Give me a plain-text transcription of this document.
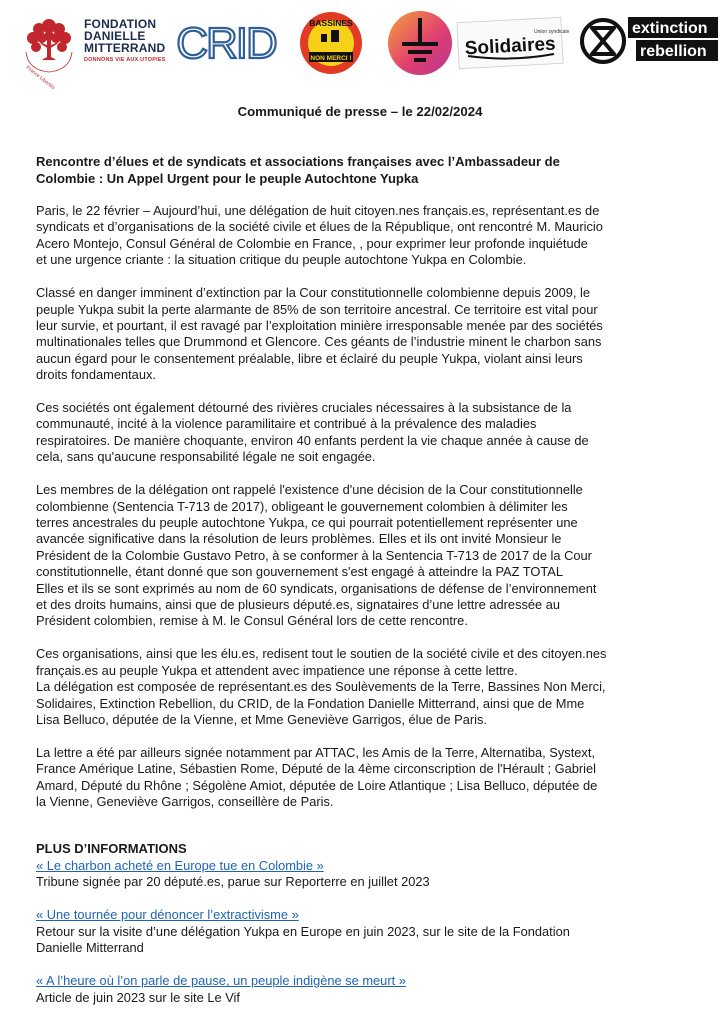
France Libertés
FONDATION
DANIELLE
MITTERRAND
DONNONS VIE AUX UTOPIES CRID	BASSINES
NON MERCI !
Union syndicale
Solidaires
extinction
rebellion
Communiqué de presse – le 22/02/2024
Rencontre d’élues et de syndicats et associations françaises avec l’Ambassadeur de
Colombie : Un Appel Urgent pour le peuple Autochtone Yupka

Paris, le 22 février – Aujourd’hui, une délégation de huit citoyen.nes français.es, représentant.es de
syndicats et d’organisations de la société civile et élues de la République, ont rencontré M. Mauricio
Acero Montejo, Consul Général de Colombie en France, , pour exprimer leur profonde inquiétude
et une urgence criante : la situation critique du peuple autochtone Yukpa en Colombie.

Classé en danger imminent d’extinction par la Cour constitutionnelle colombienne depuis 2009, le
peuple Yukpa subit la perte alarmante de 85% de son territoire ancestral. Ce territoire est vital pour
leur survie, et pourtant, il est ravagé par l’exploitation minière irresponsable menée par des sociétés
multinationales telles que Drummond et Glencore. Ces géants de l’industrie minent le charbon sans
aucun égard pour le consentement préalable, libre et éclairé du peuple Yukpa, violant ainsi leurs
droits fondamentaux.

Ces sociétés ont également détourné des rivières cruciales nécessaires à la subsistance de la
communauté, incité à la violence paramilitaire et contribué à la prévalence des maladies
respiratoires. De manière choquante, environ 40 enfants perdent la vie chaque année à cause de
cela, sans qu'aucune responsabilité légale ne soit engagée.

Les membres de la délégation ont rappelé l'existence d'une décision de la Cour constitutionnelle
colombienne (Sentencia T-713 de 2017), obligeant le gouvernement colombien à délimiter les
terres ancestrales du peuple autochtone Yukpa, ce qui pourrait potentiellement représenter une
avancée significative dans la résolution de leurs problèmes. Elles et ils ont invité Monsieur le
Président de la Colombie Gustavo Petro, à se conformer à la Sentencia T-713 de 2017 de la Cour
constitutionnelle, étant donné que son gouvernement s'est engagé à atteindre la PAZ TOTAL
Elles et ils se sont exprimés au nom de 60 syndicats, organisations de défense de l’environnement
et des droits humains, ainsi que de plusieurs député.es, signataires d’une lettre adressée au
Président colombien, remise à M. le Consul Général lors de cette rencontre.

Ces organisations, ainsi que les élu.es, redisent tout le soutien de la société civile et des citoyen.nes
français.es au peuple Yukpa et attendent avec impatience une réponse à cette lettre.
La délégation est composée de représentant.es des Soulèvements de la Terre, Bassines Non Merci,
Solidaires, Extinction Rebellion, du CRID, de la Fondation Danielle Mitterrand, ainsi que de Mme
Lisa Belluco, députée de la Vienne, et Mme Geneviève Garrigos, élue de Paris.

La lettre a été par ailleurs signée notamment par ATTAC, les Amis de la Terre, Alternatiba, Systext,
France Amérique Latine, Sébastien Rome, Député de la 4ème circonscription de l'Hérault ; Gabriel
Amard, Député du Rhône ; Ségolène Amiot, députée de Loire Atlantique ; Lisa Belluco, députée de
la Vienne, Geneviève Garrigos, conseillère de Paris.

PLUS D’INFORMATIONS
« Le charbon acheté en Europe tue en Colombie »
Tribune signée par 20 député.es, parue sur Reporterre en juillet 2023
« Une tournée pour dénoncer l’extractivisme »
Retour sur la visite d’une délégation Yukpa en Europe en juin 2023, sur le site de la Fondation
Danielle Mitterrand
« A l’heure où l’on parle de pause, un peuple indigène se meurt »
Article de juin 2023 sur le site Le Vif
